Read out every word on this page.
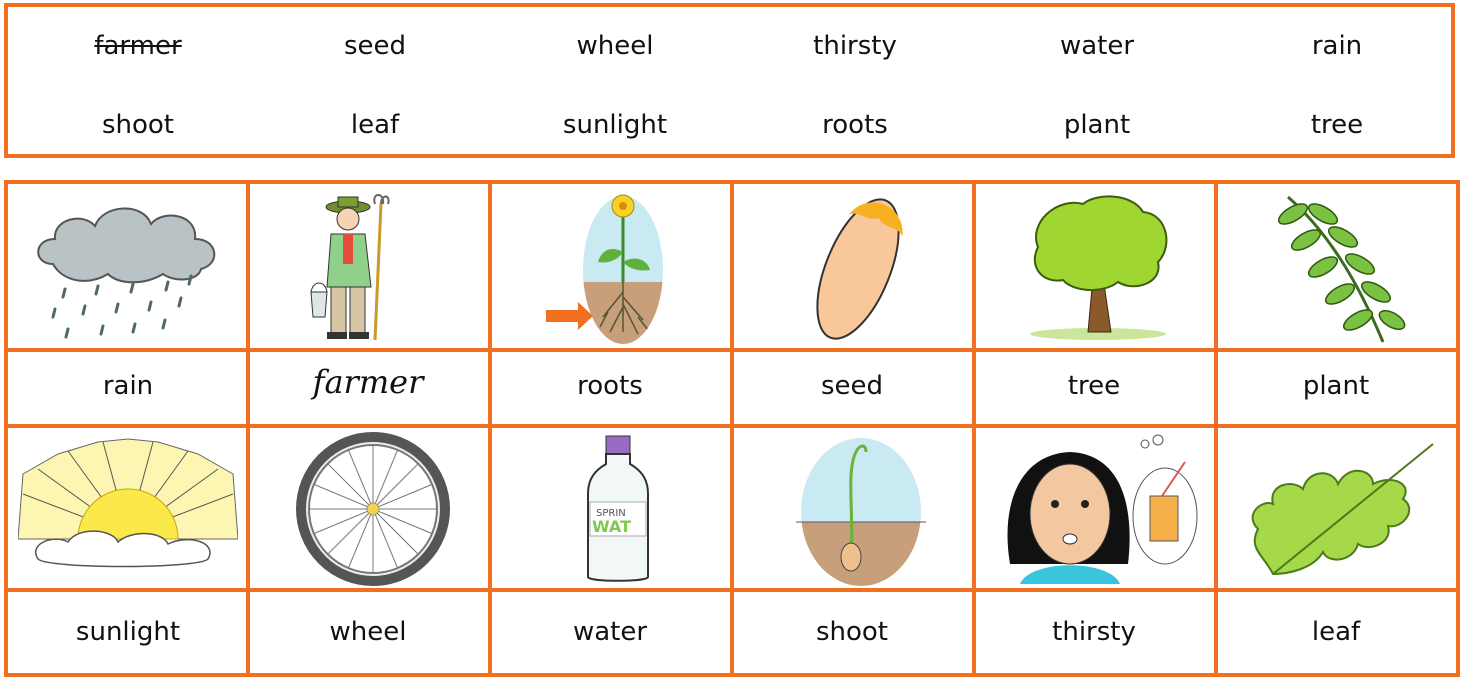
farmer	seed	wheel	thirsty	water	rain
shoot	leaf	sunlight	roots	plant	tree
rain	farmer	roots	seed	tree	plant
SPRIN
WAT
sunlight	wheel	water	shoot	thirsty	leaf
